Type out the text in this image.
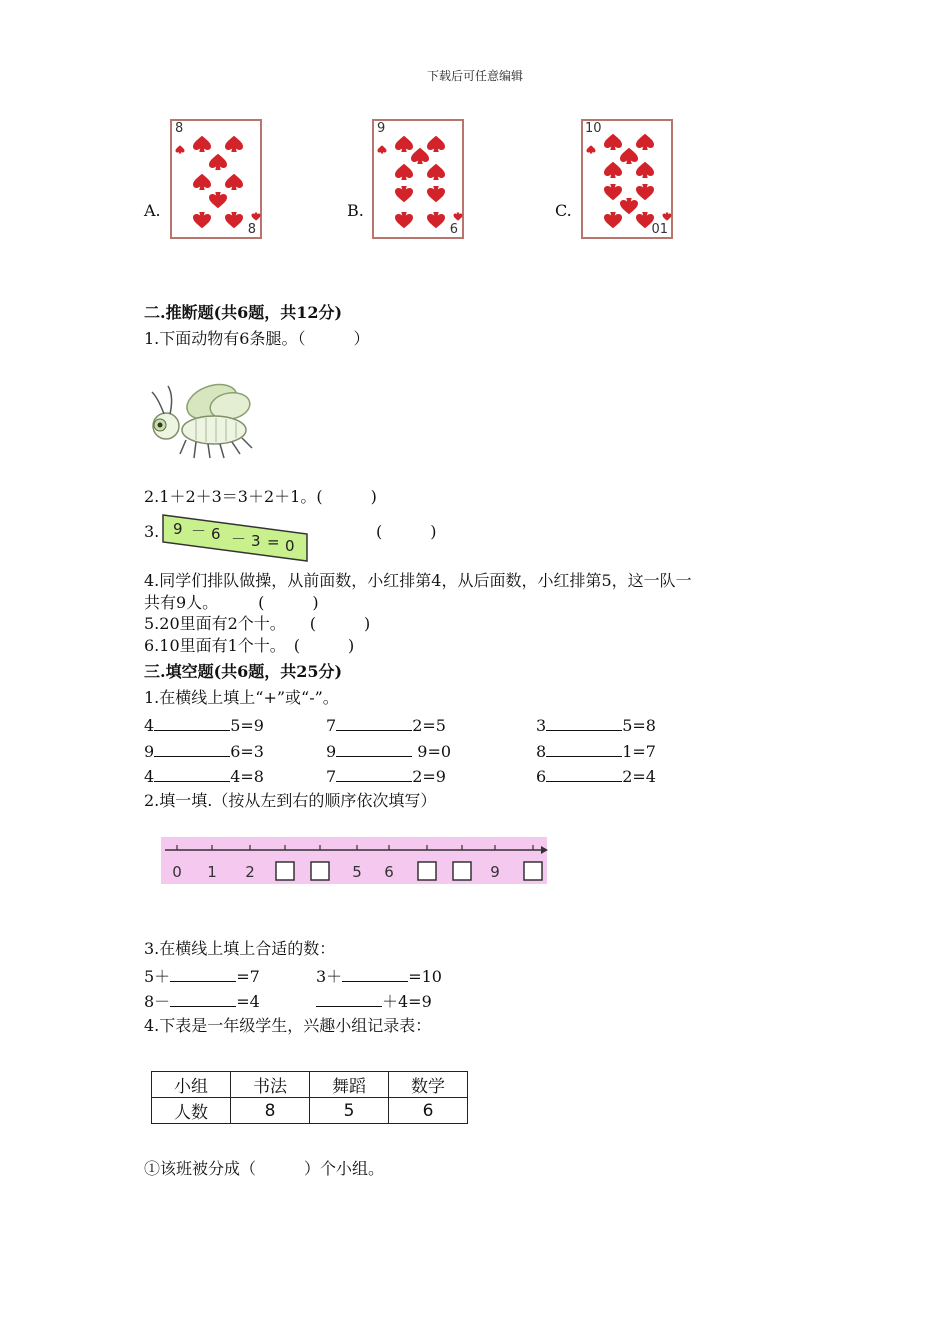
下载后可任意编辑
A.
8
8
B.
9
6
C.
10
01
二.推断题(共6题，共12分)
1.下面动物有6条腿。（　　　）
2.1＋2＋3＝3＋2＋1。(　　　)
3. 9 － 6 － 3 = 0
(　　　)
4.同学们排队做操，从前面数，小红排第4，从后面数，小红排第5，这一队一
共有9人。　　　(　　　)
5.20里面有2个十。　　(　　　)
6.10里面有1个十。　(　　　)
三.填空题(共6题，共25分)
1.在横线上填上“+”或“-”。
4	5=9	7	2=5	3	5=8
9	6=3	9	9=0	8	1=7
4	4=8	7	2=9	6	2=4
2.填一填.（按从左到右的顺序依次填写）
0 1 2	5 6	9
3.在横线上填上合适的数：
5＋	=7	3＋	=10
8－	=4	＋4=9
4.下表是一年级学生，兴趣小组记录表：
小组	书法	舞蹈	数学
人数	8	5	6
①该班被分成（　　　）个小组。
